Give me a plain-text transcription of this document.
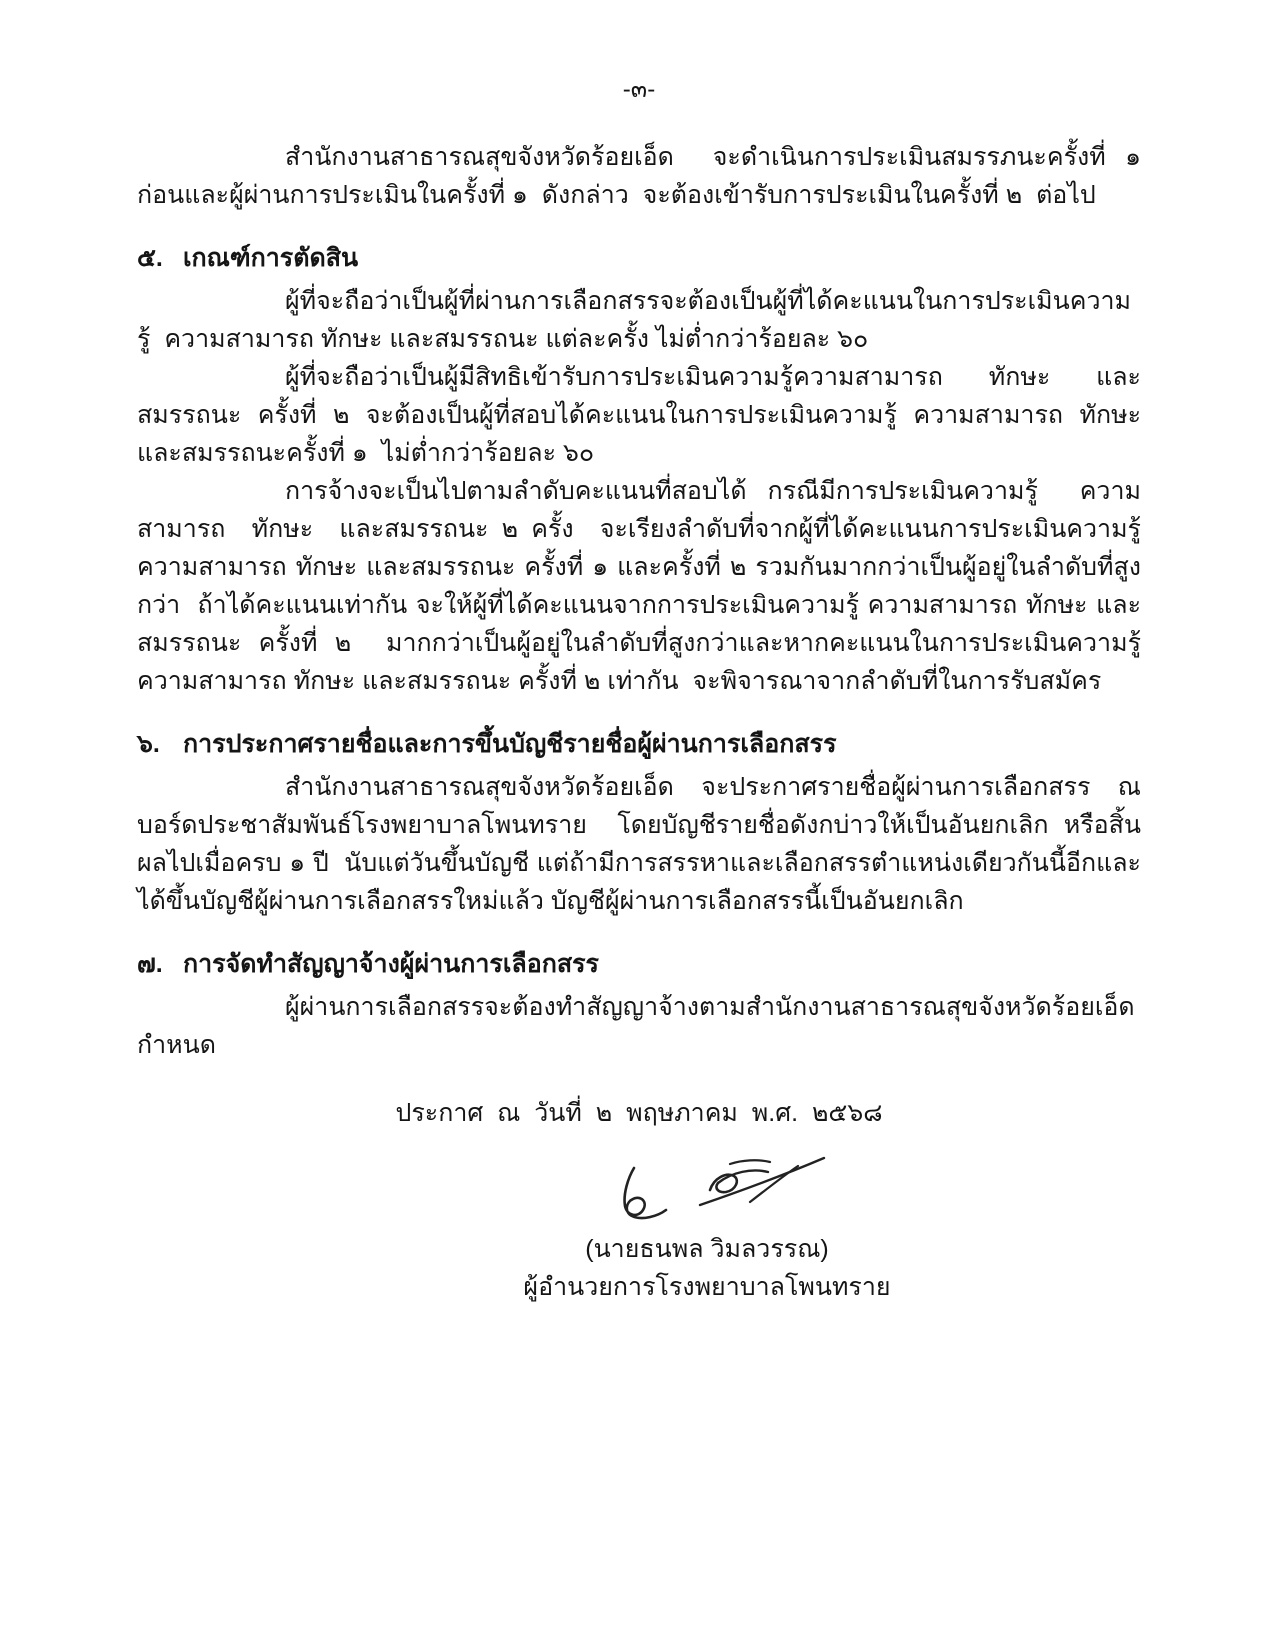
-๓-

สำนักงานสาธารณสุขจังหวัดร้อยเอ็ด  จะดำเนินการประเมินสมรรภนะครั้งที่ ๑  ก่อนและผู้ผ่านการประเมินในครั้งที่ ๑  ดังกล่าว  จะต้องเข้ารับการประเมินในครั้งที่ ๒  ต่อไป

๕. เกณฑ์การตัดสิน

ผู้ที่จะถือว่าเป็นผู้ที่ผ่านการเลือกสรรจะต้องเป็นผู้ที่ได้คะแนนในการประเมินความรู้  ความสามารถ ทักษะ และสมรรถนะ แต่ละครั้ง ไม่ต่ำกว่าร้อยละ ๖๐

ผู้ที่จะถือว่าเป็นผู้มีสิทธิเข้ารับการประเมินความรู้ความสามารถ ทักษะ และสมรรถนะ ครั้งที่ ๒ จะต้องเป็นผู้ที่สอบได้คะแนนในการประเมินความรู้ ความสามารถ ทักษะ และสมรรถนะครั้งที่ ๑  ไม่ต่ำกว่าร้อยละ ๖๐

การจ้างจะเป็นไปตามลำดับคะแนนที่สอบได้ กรณีมีการประเมินความรู้  ความสามารถ  ทักษะ  และสมรรถนะ ๒ ครั้ง  จะเรียงลำดับที่จากผู้ที่ได้คะแนนการประเมินความรู้ ความสามารถ ทักษะ และสมรรถนะ ครั้งที่ ๑ และครั้งที่ ๒ รวมกันมากกว่าเป็นผู้อยู่ในลำดับที่สูงกว่า  ถ้าได้คะแนนเท่ากัน จะให้ผู้ที่ได้คะแนนจากการประเมินความรู้ ความสามารถ ทักษะ และสมรรถนะ ครั้งที่ ๒  มากกว่าเป็นผู้อยู่ในลำดับที่สูงกว่าและหากคะแนนในการประเมินความรู้ ความสามารถ ทักษะ และสมรรถนะ ครั้งที่ ๒ เท่ากัน  จะพิจารณาจากลำดับที่ในการรับสมัคร

๖. การประกาศรายชื่อและการขึ้นบัญชีรายชื่อผู้ผ่านการเลือกสรร

สำนักงานสาธารณสุขจังหวัดร้อยเอ็ด  จะประกาศรายชื่อผู้ผ่านการเลือกสรร  ณ  บอร์ดประชาสัมพันธ์โรงพยาบาลโพนทราย  โดยบัญชีรายชื่อดังกบ่าวให้เป็นอันยกเลิก หรือสิ้นผลไปเมื่อครบ ๑ ปี  นับแต่วันขึ้นบัญชี แต่ถ้ามีการสรรหาและเลือกสรรตำแหน่งเดียวกันนี้อีกและได้ขึ้นบัญชีผู้ผ่านการเลือกสรรใหม่แล้ว บัญชีผู้ผ่านการเลือกสรรนี้เป็นอันยกเลิก

๗. การจัดทำสัญญาจ้างผู้ผ่านการเลือกสรร

ผู้ผ่านการเลือกสรรจะต้องทำสัญญาจ้างตามสำนักงานสาธารณสุขจังหวัดร้อยเอ็ด   กำหนด

ประกาศ  ณ  วันที่  ๒  พฤษภาคม  พ.ศ.  ๒๕๖๘
(นายธนพล วิมลวรรณ)
ผู้อำนวยการโรงพยาบาลโพนทราย
